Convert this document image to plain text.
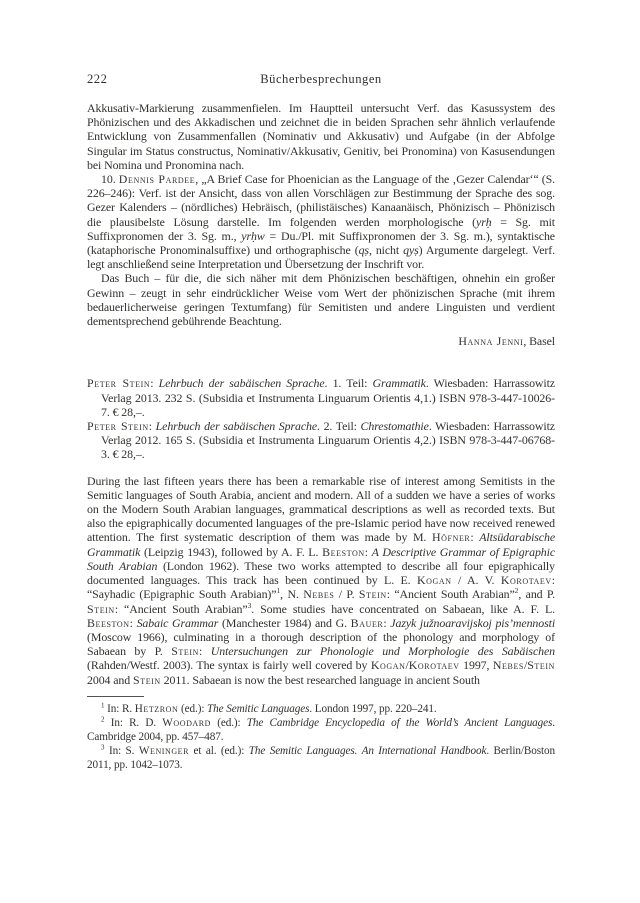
222	Bücherbesprechungen

Akkusativ-Markierung zusammenfielen. Im Hauptteil untersucht Verf. das Kasussystem des Phönizischen und des Akkadischen und zeichnet die in beiden Sprachen sehr ähnlich verlaufende Entwicklung von Zusammenfallen (Nominativ und Akkusativ) und Aufgabe (in der Abfolge Singular im Status constructus, Nominativ/Akkusativ, Genitiv, bei Pronomina) von Kasusendungen bei Nomina und Pronomina nach.

10. Dennis Pardee, „A Brief Case for Phoenician as the Language of the ‚Gezer Calendar‘“ (S. 226–246): Verf. ist der Ansicht, dass von allen Vorschlägen zur Bestimmung der Sprache des sog. Gezer Kalenders – (nördliches) Hebräisch, (philistäisches) Kanaanäisch, Phönizisch – Phönizisch die plausibelste Lösung darstelle. Im folgenden werden morphologische (yrḥ = Sg. mit Suffixpronomen der 3. Sg. m., yrḥw = Du./Pl. mit Suffixpronomen der 3. Sg. m.), syntaktische (kataphorische Pronominalsuffixe) und orthographische (qṣ, nicht qyṣ) Argumente dargelegt. Verf. legt anschließend seine Interpretation und Übersetzung der Inschrift vor.

Das Buch – für die, die sich näher mit dem Phönizischen beschäftigen, ohnehin ein großer Gewinn – zeugt in sehr eindrücklicher Weise vom Wert der phönizischen Sprache (mit ihrem bedauerlicherweise geringen Textumfang) für Semitisten und andere Linguisten und verdient dementsprechend gebührende Beachtung.

Hanna Jenni, Basel

Peter Stein: Lehrbuch der sabäischen Sprache. 1. Teil: Grammatik. Wiesbaden: Harrassowitz Verlag 2013. 232 S. (Subsidia et Instrumenta Linguarum Orientis 4,1.) ISBN 978-3-447-10026-7. € 28,–.

Peter Stein: Lehrbuch der sabäischen Sprache. 2. Teil: Chrestomathie. Wiesbaden: Harrassowitz Verlag 2012. 165 S. (Subsidia et Instrumenta Linguarum Orientis 4,2.) ISBN 978-3-447-06768-3. € 28,–.

During the last fifteen years there has been a remarkable rise of interest among Semitists in the Semitic languages of South Arabia, ancient and modern. All of a sudden we have a series of works on the Modern South Arabian languages, grammatical descriptions as well as recorded texts. But also the epigraphically documented languages of the pre-Islamic period have now received renewed attention. The first systematic description of them was made by M. Höfner: Altsüdarabische Grammatik (Leipzig 1943), followed by A. F. L. Beeston: A Descriptive Grammar of Epigraphic South Arabian (London 1962). These two works attempted to describe all four epigraphically documented languages. This track has been continued by L. E. Kogan / A. V. Korotaev: “Sayhadic (Epigraphic South Arabian)”$^1$, N. Nebes / P. Stein: “Ancient South Arabian”$^2$, and P. Stein: “Ancient South Arabian”$^3$. Some studies have concentrated on Sabaean, like A. F. L. Beeston: Sabaic Grammar (Manchester 1984) and G. Bauer: Jazyk južnoaravijskoj pis’mennosti (Moscow 1966), culminating in a thorough description of the phonology and morphology of Sabaean by P. Stein: Untersuchungen zur Phonologie und Morphologie des Sabäischen (Rahden/Westf. 2003). The syntax is fairly well covered by Kogan/Korotaev 1997, Nebes/Stein 2004 and Stein 2011. Sabaean is now the best researched language in ancient South

$^1$ In: R. Hetzron (ed.): The Semitic Languages. London 1997, pp. 220–241.

$^2$ In: R. D. Woodard (ed.): The Cambridge Encyclopedia of the World’s Ancient Languages. Cambridge 2004, pp. 457–487.

$^3$ In: S. Weninger et al. (ed.): The Semitic Languages. An International Handbook. Berlin/Boston 2011, pp. 1042–1073.
